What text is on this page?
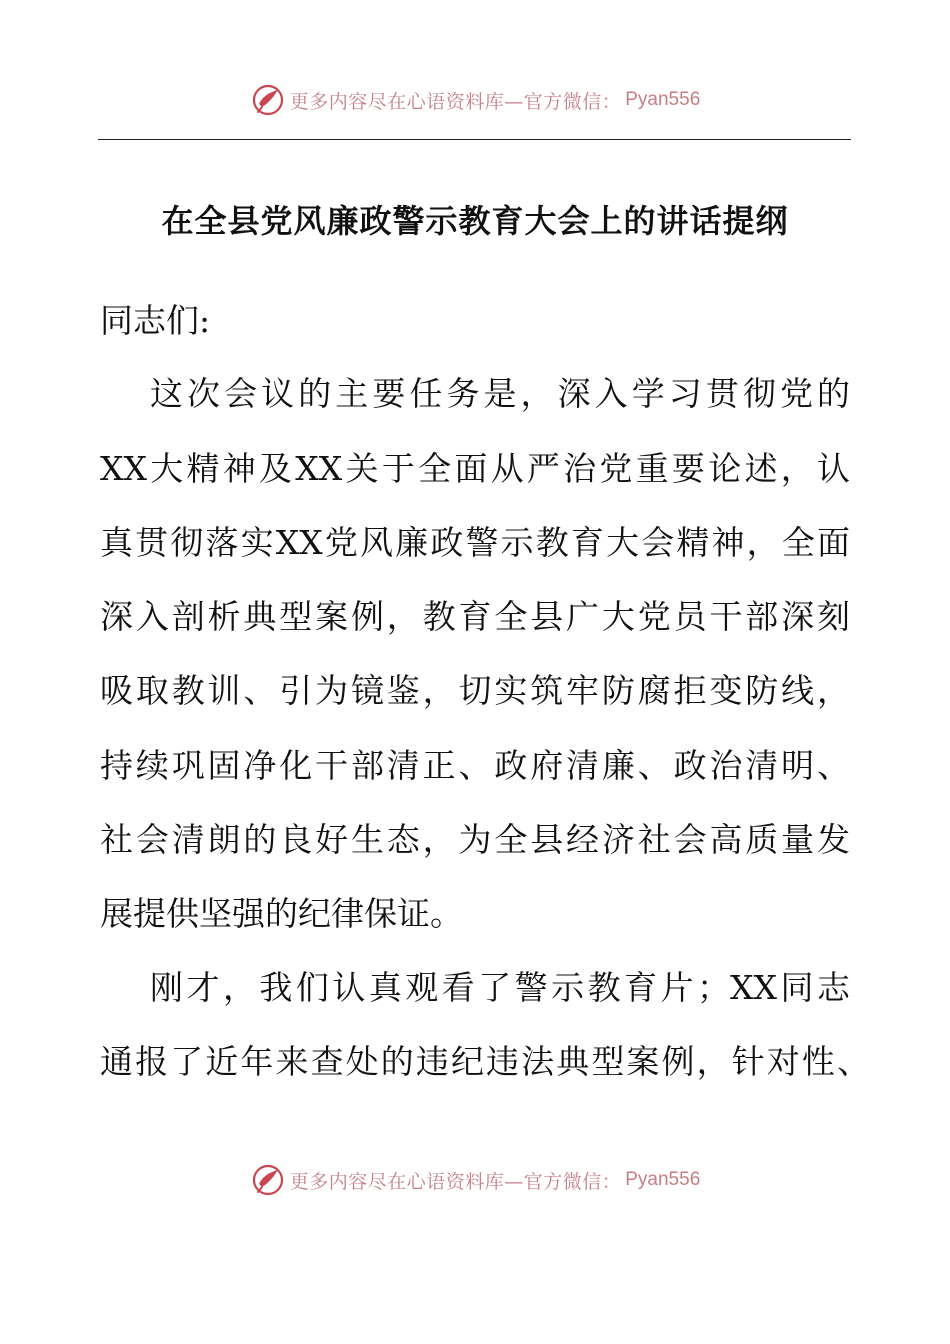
更多内容尽在心语资料库—官方微信： Pyan556
在全县党风廉政警示教育大会上的讲话提纲

同志们:

这次会议的主要任务是，深入学习贯彻党的

XX大精神及XX关于全面从严治党重要论述，认

真贯彻落实XX党风廉政警示教育大会精神，全面

深入剖析典型案例，教育全县广大党员干部深刻

吸取教训、引为镜鉴，切实筑牢防腐拒变防线，

持续巩固净化干部清正、政府清廉、政治清明、

社会清朗的良好生态，为全县经济社会高质量发

展提供坚强的纪律保证。

刚才，我们认真观看了警示教育片；XX同志

通报了近年来查处的违纪违法典型案例，针对性、

更多内容尽在心语资料库—官方微信： Pyan556
